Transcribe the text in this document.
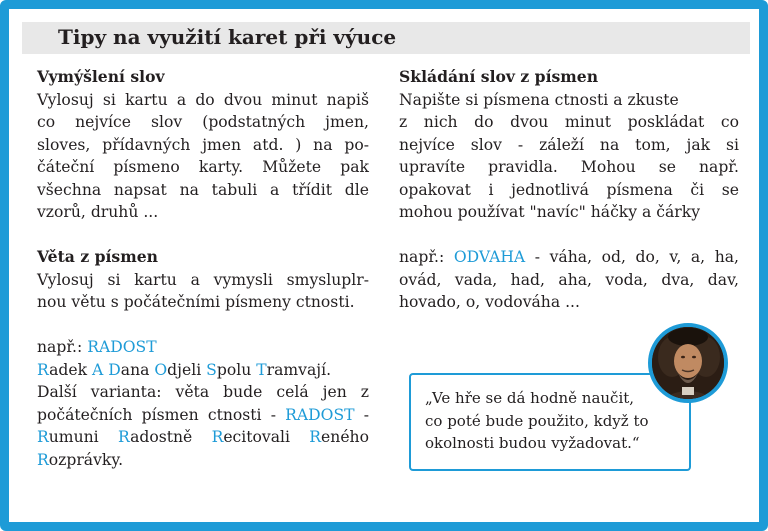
Tipy na využití karet při výuce
Vymýšlení slov
Vylosuj si kartu a do dvou minut napiš
co nejvíce slov (podstatných jmen,
sloves, přídavných jmen atd. ) na po-
čáteční písmeno karty. Můžete pak
všechna napsat na tabuli a třídit dle
vzorů, druhů ...
Věta z písmen
Vylosuj si kartu a vymysli smysluplr-
nou větu s počátečními písmeny ctnosti.
např.: RADOST
Radek A Dana Odjeli Spolu Tramvají.
Další varianta: věta bude celá jen z
počátečních písmen ctnosti - RADOST -
Rumuni Radostně Recitovali Reného
Rozprávky.
Skládání slov z písmen
Napište si písmena ctnosti a zkuste
z nich do dvou minut poskládat co
nejvíce slov - záleží na tom, jak si
upravíte pravidla. Mohou se např.
opakovat i jednotlivá písmena či se
mohou používat "navíc" háčky a čárky
např.: ODVAHA - váha, od, do, v, a, ha,
ovád, vada, had, aha, voda, dva, dav,
hovado, o, vodováha ...
„Ve hře se dá hodně naučit,
co poté bude použito, když to
okolnosti budou vyžadovat.“
